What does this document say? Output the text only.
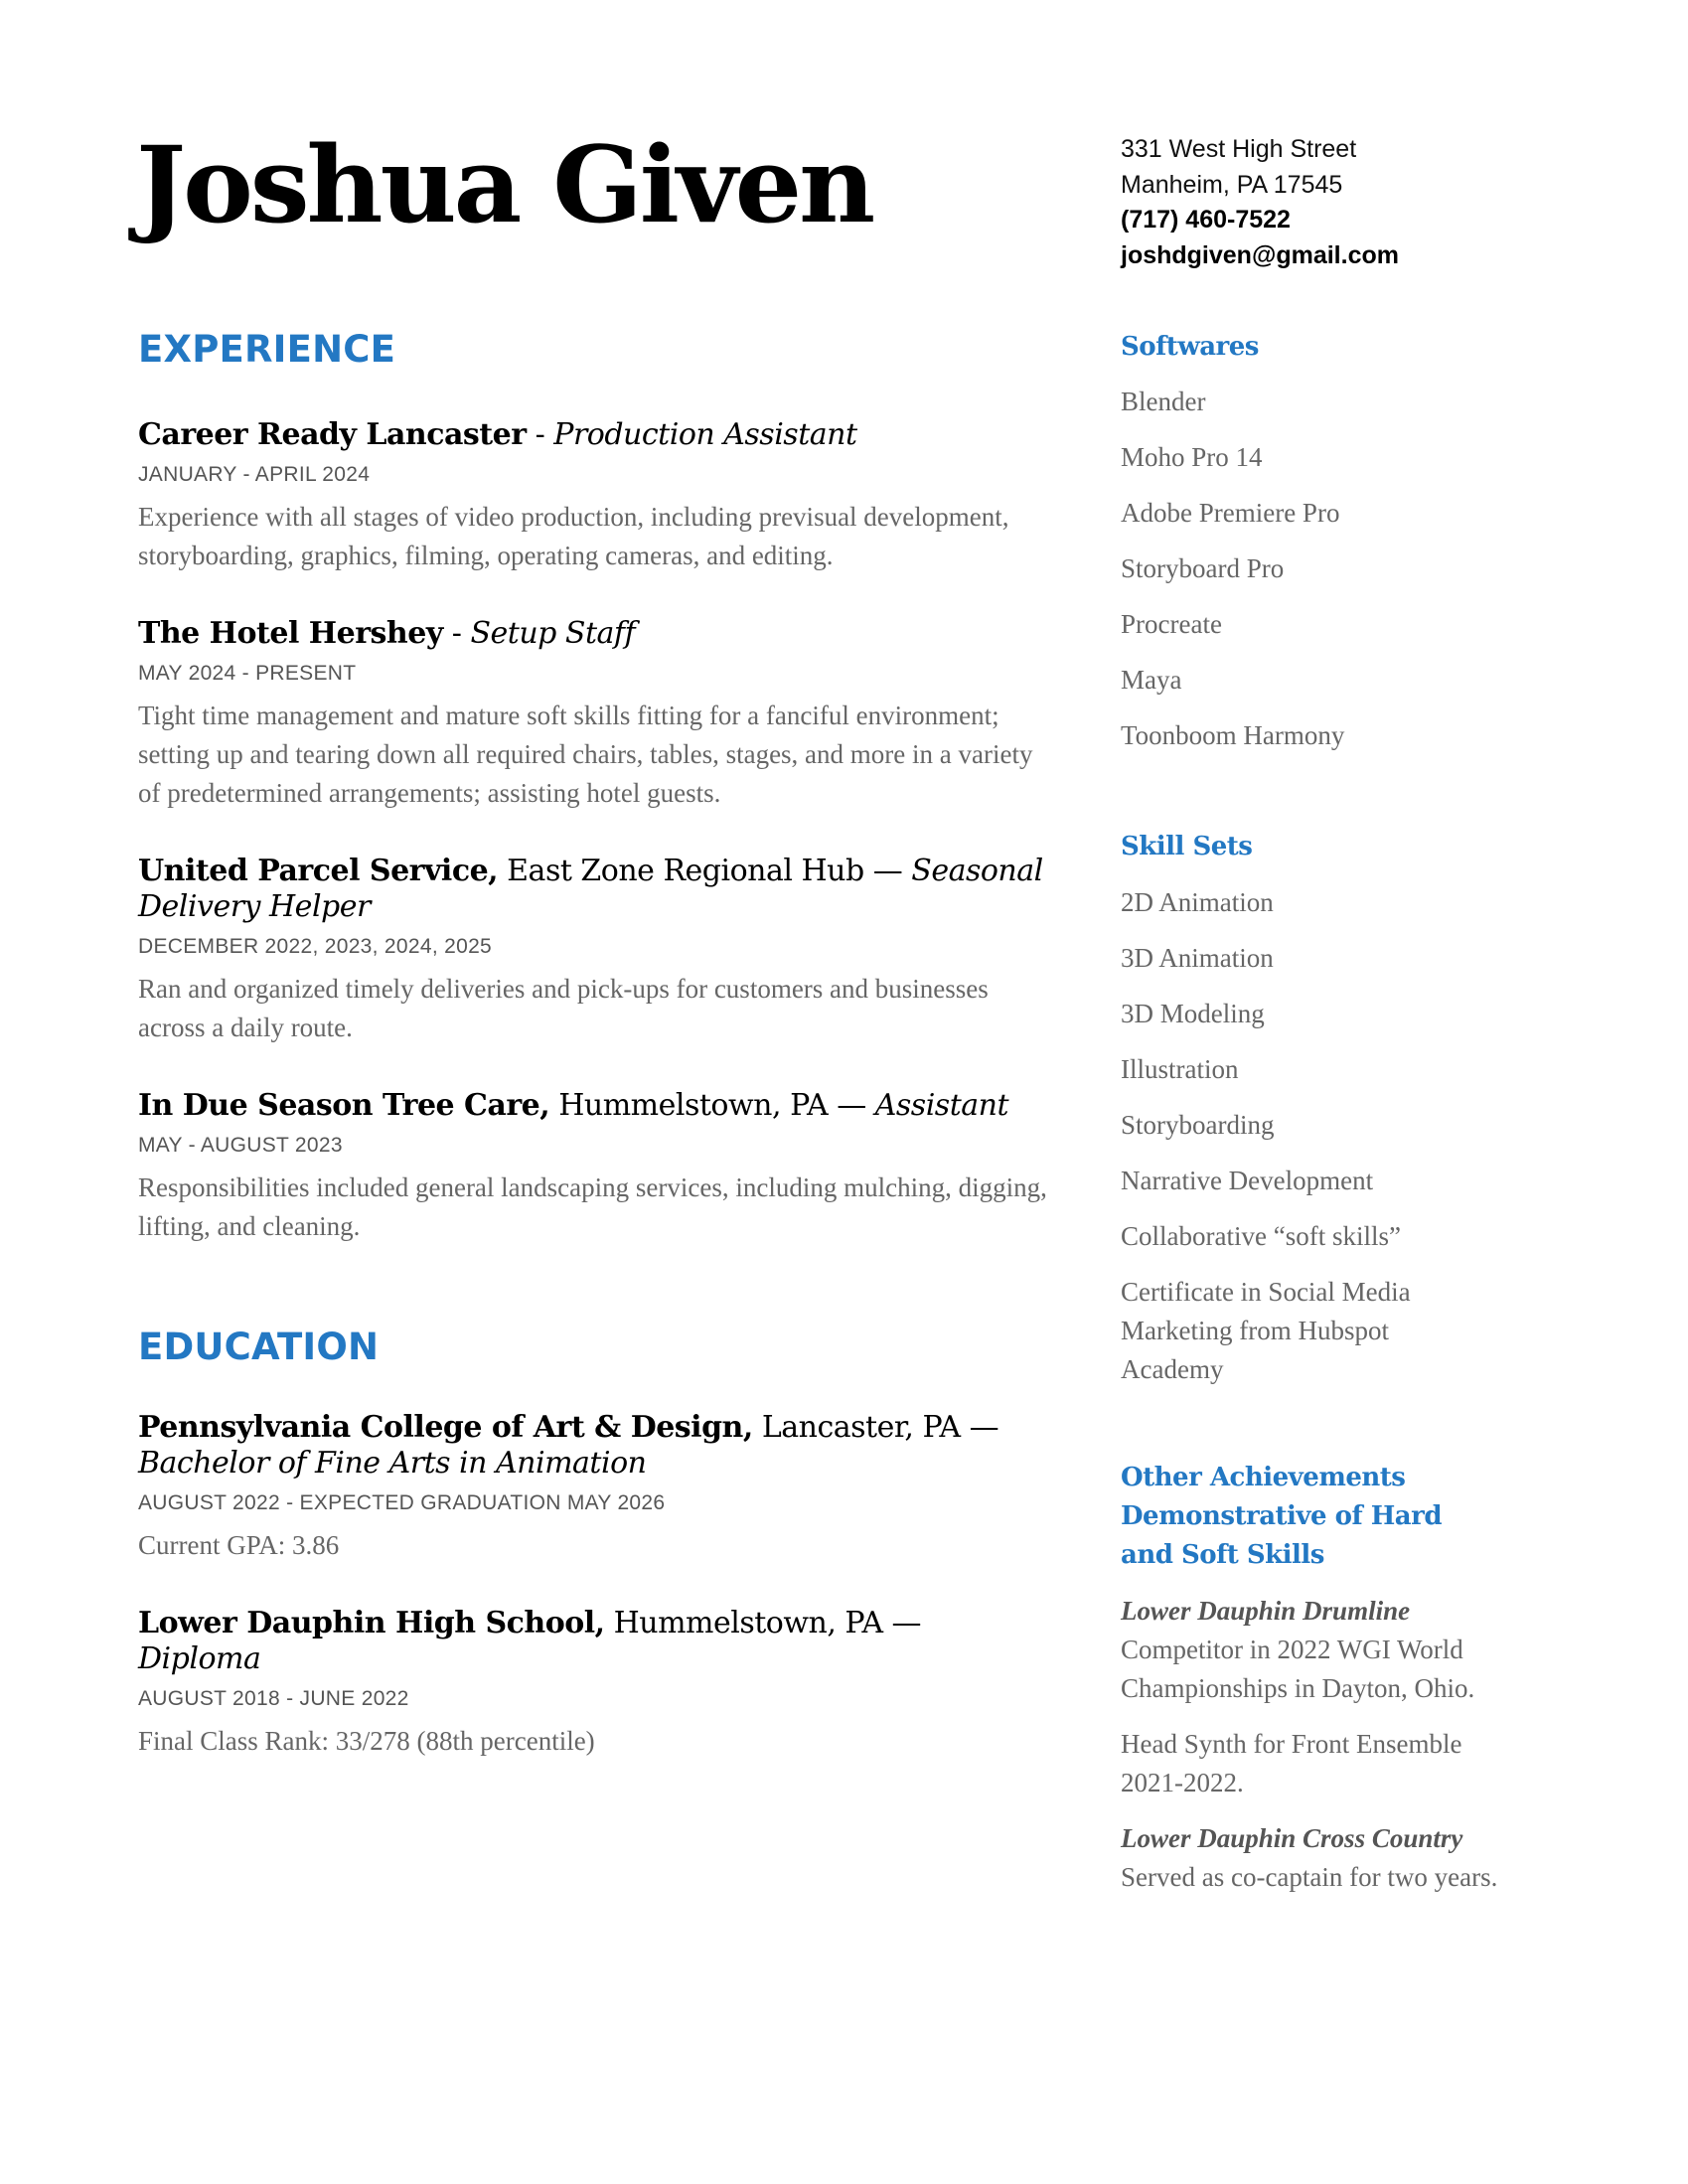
Joshua Given	331 West High Street
Manheim, PA 17545
(717) 460-7522
joshdgiven@gmail.com
EXPERIENCE

Career Ready Lancaster - Production Assistant

JANUARY - APRIL 2024
Experience with all stages of video production, including previsual development, storyboarding, graphics, filming, operating cameras, and editing.

The Hotel Hershey - Setup Staff

MAY 2024 - PRESENT
Tight time management and mature soft skills fitting for a fanciful environment; setting up and tearing down all required chairs, tables, stages, and more in a variety of predetermined arrangements; assisting hotel guests.

United Parcel Service, East Zone Regional Hub — Seasonal Delivery Helper

DECEMBER 2022, 2023, 2024, 2025
Ran and organized timely deliveries and pick-ups for customers and businesses across a daily route.

In Due Season Tree Care, Hummelstown, PA — Assistant

MAY - AUGUST 2023
Responsibilities included general landscaping services, including mulching, digging, lifting, and cleaning.
EDUCATION

Pennsylvania College of Art & Design, Lancaster, PA — Bachelor of Fine Arts in Animation

AUGUST 2022 - EXPECTED GRADUATION MAY 2026
Current GPA: 3.86

Lower Dauphin High School, Hummelstown, PA — Diploma

AUGUST 2018 - JUNE 2022
Final Class Rank: 33/278 (88th percentile)
Softwares
Blender
Moho Pro 14
Adobe Premiere Pro
Storyboard Pro
Procreate
Maya
Toonboom Harmony
Skill Sets
2D Animation
3D Animation
3D Modeling
Illustration
Storyboarding
Narrative Development
Collaborative “soft skills”
Certificate in Social Media Marketing from Hubspot Academy
Other Achievements Demonstrative of Hard and Soft Skills
Lower Dauphin Drumline
Competitor in 2022 WGI World Championships in Dayton, Ohio.
Head Synth for Front Ensemble 2021-2022.
Lower Dauphin Cross Country
Served as co-captain for two years.
